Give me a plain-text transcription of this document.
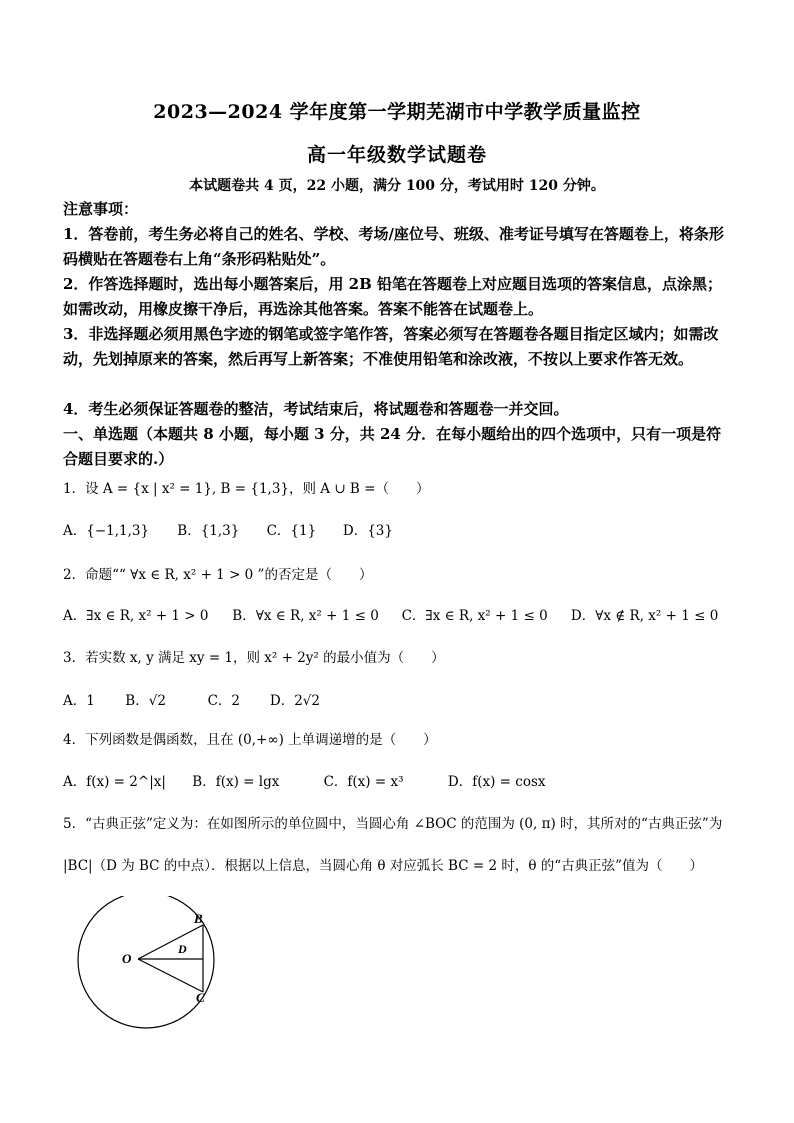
2023—2024 学年度第一学期芜湖市中学教学质量监控
高一年级数学试题卷
本试题卷共 4 页，22 小题，满分 100 分，考试用时 120 分钟。
注意事项：
1．答卷前，考生务必将自己的姓名、学校、考场/座位号、班级、准考证号填写在答题卷上，将条形码横贴在答题卷右上角“条形码粘贴处”。
2．作答选择题时，选出每小题答案后，用 2B 铅笔在答题卷上对应题目选项的答案信息，点涂黑；如需改动，用橡皮擦干净后，再选涂其他答案。答案不能答在试题卷上。
3．非选择题必须用黑色字迹的钢笔或签字笔作答，答案必须写在答题卷各题目指定区域内；如需改动，先划掉原来的答案，然后再写上新答案；不准使用铅笔和涂改液，不按以上要求作答无效。
4．考生必须保证答题卷的整洁，考试结束后，将试题卷和答题卷一并交回。
一、单选题（本题共 8 小题，每小题 3 分，共 24 分．在每小题给出的四个选项中，只有一项是符合题目要求的.）
1．设 A = {x | x² = 1}, B = {1,3}，则 A ∪ B =（　　）
A．{−1,1,3} B．{1,3} C．{1} D．{3}
2．命题““ ∀x ∈ R, x² + 1 > 0 ”的否定是（　　）
A．∃x ∈ R, x² + 1 > 0 B．∀x ∈ R, x² + 1 ≤ 0 C．∃x ∈ R, x² + 1 ≤ 0 D．∀x ∉ R, x² + 1 ≤ 0
3．若实数 x, y 满足 xy = 1，则 x² + 2y² 的最小值为（　　）
A．1 B．√2	C．2 D．2√2
4．下列函数是偶函数，且在 (0,+∞) 上单调递增的是（　　）
A．f(x) = 2^|x| B．f(x) = lgx	C．f(x) = x³	D．f(x) = cosx
5．“古典正弦”定义为：在如图所示的单位圆中，当圆心角 ∠BOC 的范围为 (0, π) 时，其所对的“古典正弦”为
|BC|（D 为 BC 的中点）．根据以上信息，当圆心角 θ 对应弧长 BC = 2 时，θ 的“古典正弦”值为（　　）
O
B
C
D
